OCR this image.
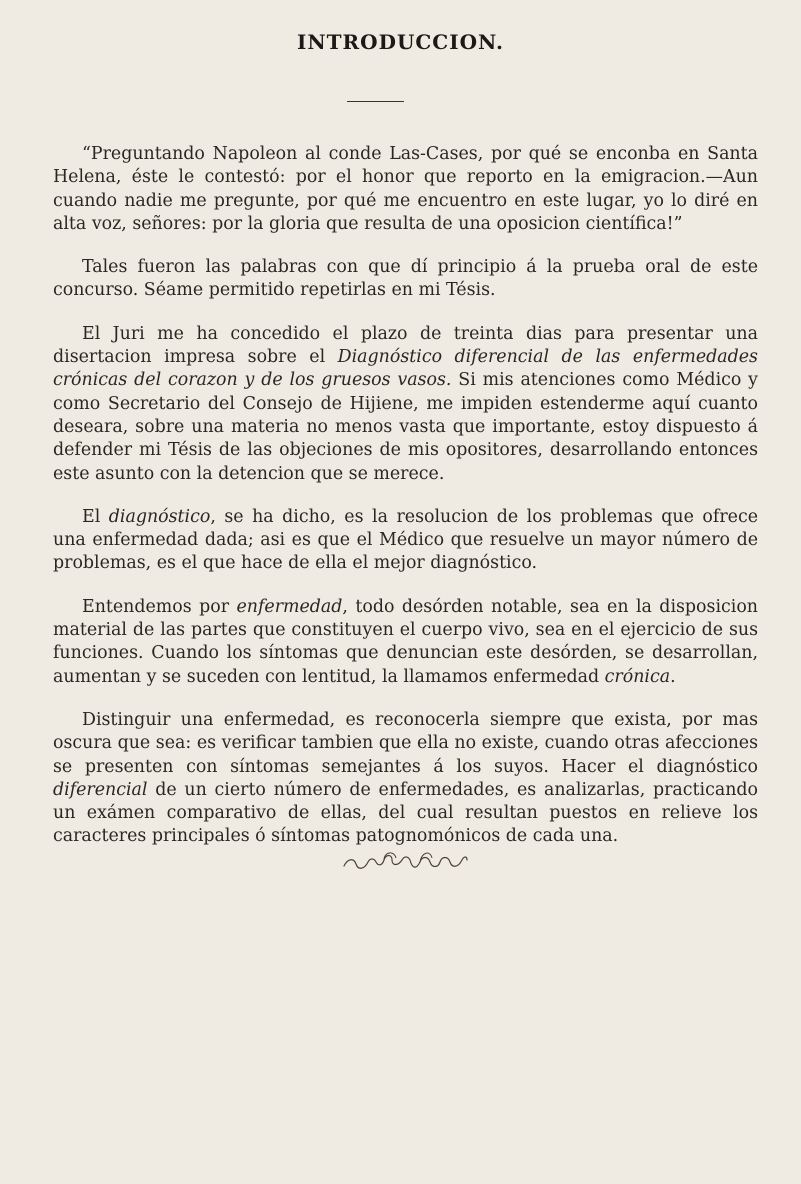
INTRODUCCION.

“Preguntando Napoleon al conde Las-Cases, por qué se enconba en Santa Helena, éste le contestó: por el honor que reporto en la emigracion.—Aun cuando nadie me pregunte, por qué me encuentro en este lugar, yo lo diré en alta voz, señores: por la gloria que resulta de una oposicion científica!”

Tales fueron las palabras con que dí principio á la prueba oral de este concurso. Séame permitido repetirlas en mi Tésis.

El Juri me ha concedido el plazo de treinta dias para presentar una disertacion impresa sobre el Diagnóstico diferencial de las enfermedades crónicas del corazon y de los gruesos vasos. Si mis atenciones como Médico y como Secretario del Consejo de Hijiene, me impiden estenderme aquí cuanto deseara, sobre una materia no menos vasta que importante, estoy dispuesto á defender mi Tésis de las objeciones de mis opositores, desarrollando entonces este asunto con la detencion que se merece.

El diagnóstico, se ha dicho, es la resolucion de los problemas que ofrece una enfermedad dada; asi es que el Médico que resuelve un mayor número de problemas, es el que hace de ella el mejor diagnóstico.

Entendemos por enfermedad, todo desórden notable, sea en la disposicion material de las partes que constituyen el cuerpo vivo, sea en el ejercicio de sus funciones. Cuando los síntomas que denuncian este desórden, se desarrollan, aumentan y se suceden con lentitud, la llamamos enfermedad crónica.

Distinguir una enfermedad, es reconocerla siempre que exista, por mas oscura que sea: es verificar tambien que ella no existe, cuando otras afecciones se presenten con síntomas semejantes á los suyos. Hacer el diagnóstico diferencial de un cierto número de enfermedades, es analizarlas, practicando un exámen comparativo de ellas, del cual resultan puestos en relieve los caracteres principales ó síntomas patognomónicos de cada una.
